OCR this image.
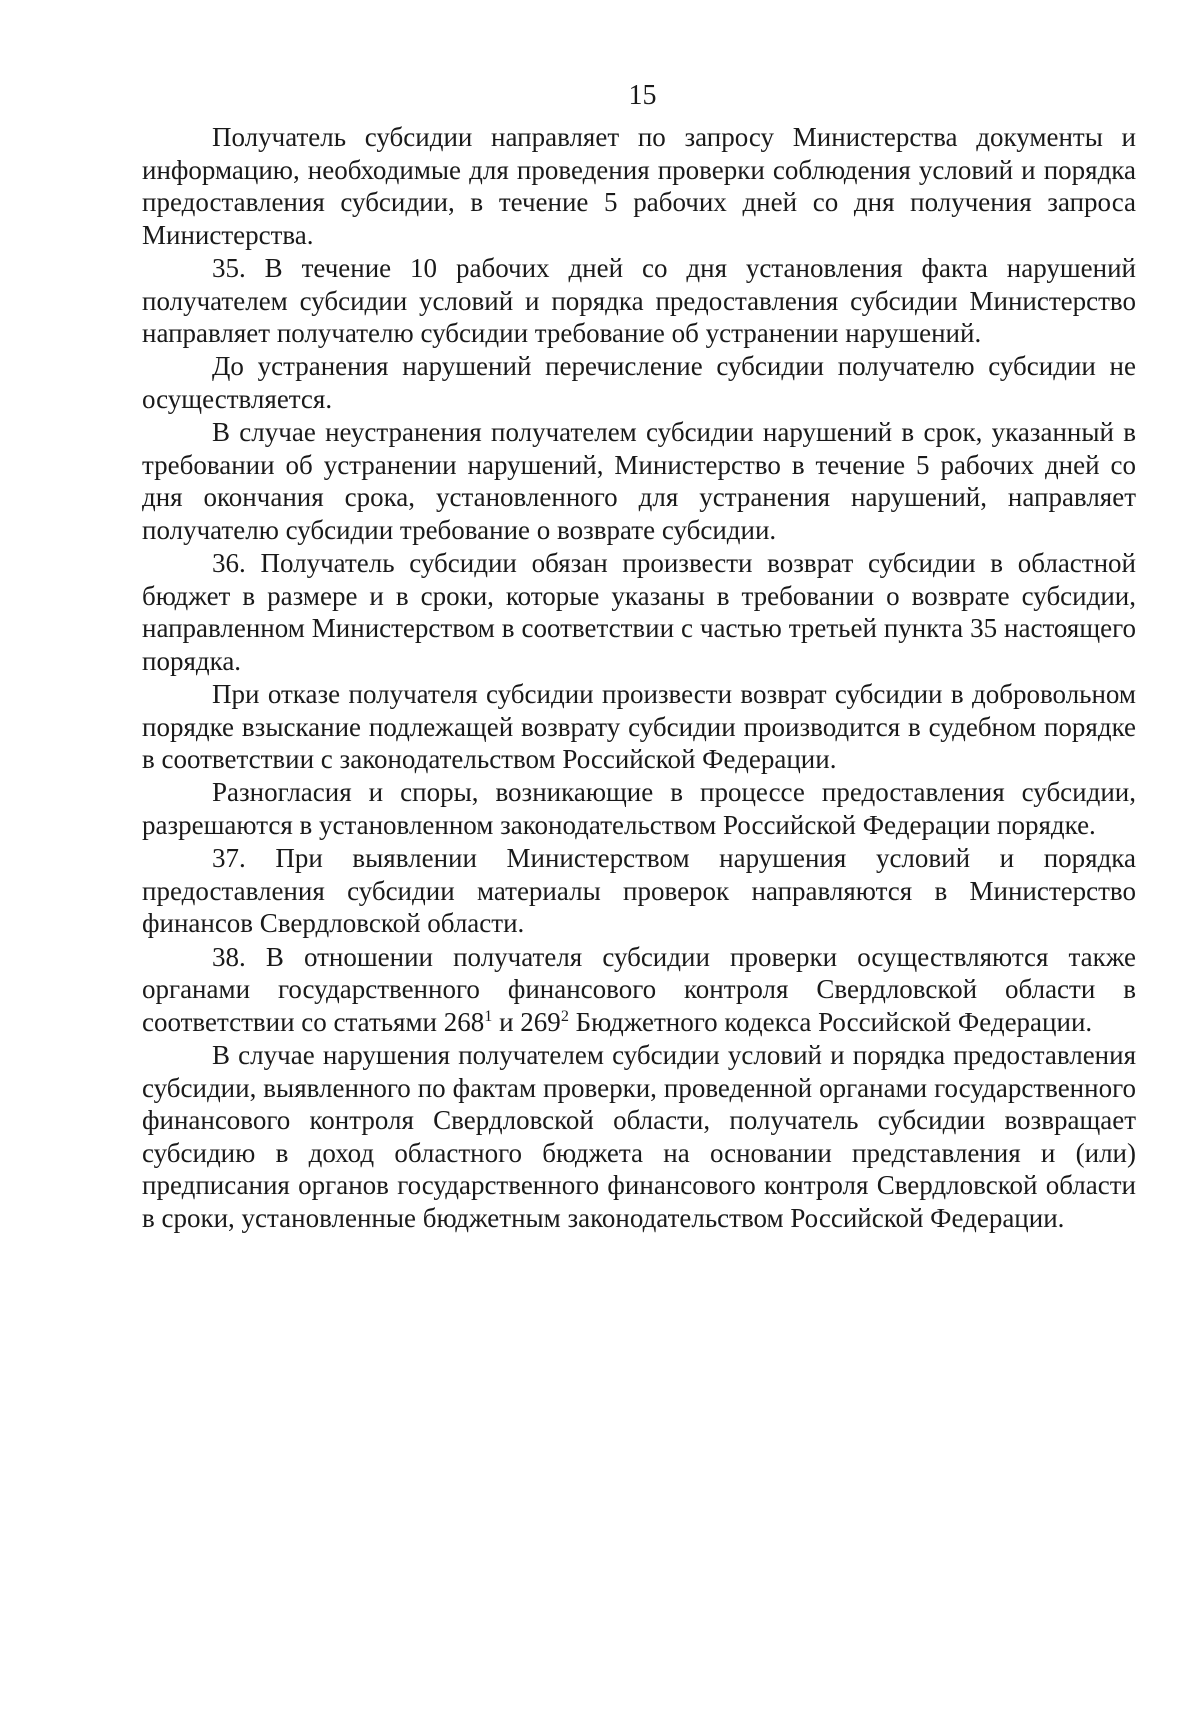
15

Получатель субсидии направляет по запросу Министерства документы и информацию, необходимые для проведения проверки соблюдения условий и порядка предоставления субсидии, в течение 5 рабочих дней со дня получения запроса Министерства.

35. В течение 10 рабочих дней со дня установления факта нарушений получателем субсидии условий и порядка предоставления субсидии Министерство направляет получателю субсидии требование об устранении нарушений.

До устранения нарушений перечисление субсидии получателю субсидии не осуществляется.

В случае неустранения получателем субсидии нарушений в срок, указанный в требовании об устранении нарушений, Министерство в течение 5 рабочих дней со дня окончания срока, установленного для устранения нарушений, направляет получателю субсидии требование о возврате субсидии.

36. Получатель субсидии обязан произвести возврат субсидии в областной бюджет в размере и в сроки, которые указаны в требовании о возврате субсидии, направленном Министерством в соответствии с частью третьей пункта 35 настоящего порядка.

При отказе получателя субсидии произвести возврат субсидии в добровольном порядке взыскание подлежащей возврату субсидии производится в судебном порядке в соответствии с законодательством Российской Федерации.

Разногласия и споры, возникающие в процессе предоставления субсидии, разрешаются в установленном законодательством Российской Федерации порядке.

37. При выявлении Министерством нарушения условий и порядка предоставления субсидии материалы проверок направляются в Министерство финансов Свердловской области.

38. В отношении получателя субсидии проверки осуществляются также органами государственного финансового контроля Свердловской области в соответствии со статьями $268^1$ и $269^2$ Бюджетного кодекса Российской Федерации.

В случае нарушения получателем субсидии условий и порядка предоставления субсидии, выявленного по фактам проверки, проведенной органами государственного финансового контроля Свердловской области, получатель субсидии возвращает субсидию в доход областного бюджета на основании представления и (или) предписания органов государственного финансового контроля Свердловской области в сроки, установленные бюджетным законодательством Российской Федерации.
